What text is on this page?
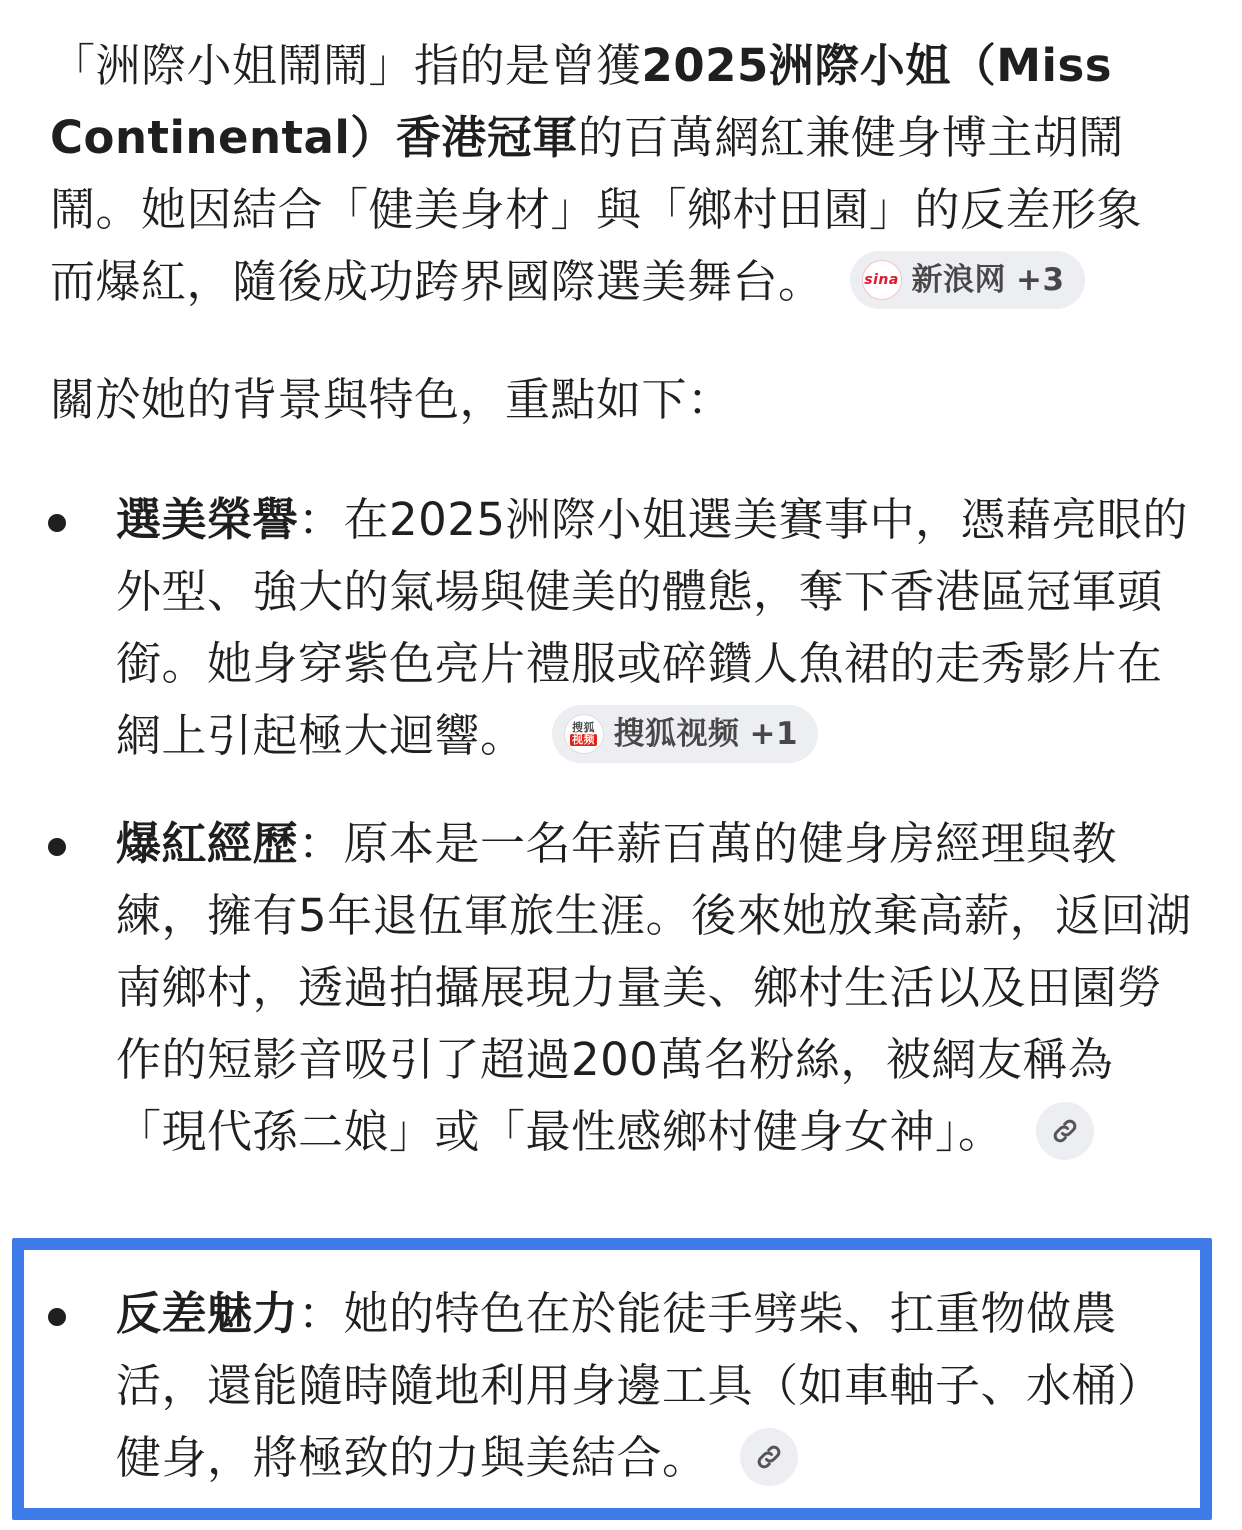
「洲際小姐鬧鬧」指的是曾獲2025洲際小姐（Miss Continental）香港冠軍的百萬網紅兼健身博主胡鬧鬧。她因結合「健美身材」與「鄉村田園」的反差形象而爆紅，隨後成功跨界國際選美舞台。	sina 新浪网 +3
關於她的背景與特色，重點如下：
選美榮譽：在2025洲際小姐選美賽事中，憑藉亮眼的外型、強大的氣場與健美的體態，奪下香港區冠軍頭銜。她身穿紫色亮片禮服或碎鑽人魚裙的走秀影片在網上引起極大迴響。	搜狐
视频 搜狐视频 +1
爆紅經歷：原本是一名年薪百萬的健身房經理與教練，擁有5年退伍軍旅生涯。後來她放棄高薪，返回湖南鄉村，透過拍攝展現力量美、鄉村生活以及田園勞作的短影音吸引了超過200萬名粉絲，被網友稱為「現代孫二娘」或「最性感鄉村健身女神」。
反差魅力：她的特色在於能徒手劈柴、扛重物做農活，還能隨時隨地利用身邊工具（如車軸子、水桶）健身，將極致的力與美結合。
